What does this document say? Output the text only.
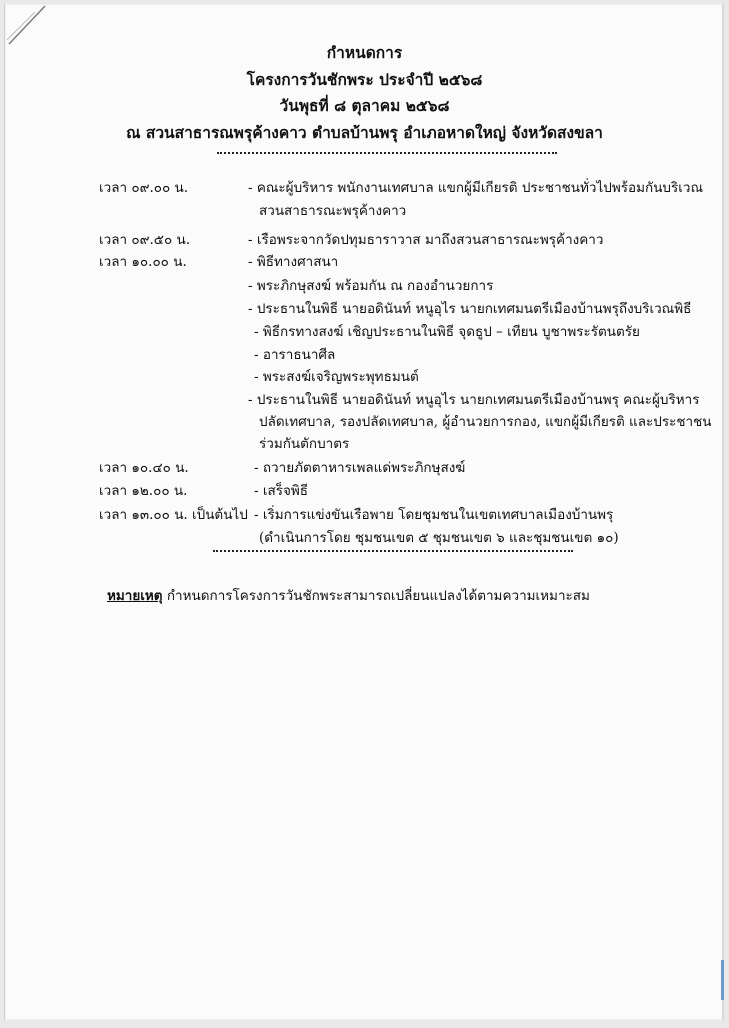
กำหนดการ
โครงการวันชักพระ ประจำปี ๒๕๖๘
วันพุธที่ ๘ ตุลาคม ๒๕๖๘
ณ สวนสาธารณพรุค้างคาว ตำบลบ้านพรุ อำเภอหาดใหญ่ จังหวัดสงขลา
เวลา ๐๙.๐๐ น.	- คณะผู้บริหาร พนักงานเทศบาล แขกผู้มีเกียรติ ประชาชนทั่วไปพร้อมกันบริเวณ
สวนสาธารณะพรุค้างคาว
เวลา ๐๙.๕๐ น.	- เรือพระจากวัดปทุมธาราวาส มาถึงสวนสาธารณะพรุค้างคาว
เวลา ๑๐.๐๐ น.	- พิธีทางศาสนา
- พระภิกษุสงฆ์ พร้อมกัน ณ กองอำนวยการ
- ประธานในพิธี นายอดินันท์ หนูอุไร นายกเทศมนตรีเมืองบ้านพรุถึงบริเวณพิธี
- พิธีกรทางสงฆ์ เชิญประธานในพิธี จุดธูป – เทียน บูชาพระรัตนตรัย
- อาราธนาศีล
- พระสงฆ์เจริญพระพุทธมนต์
- ประธานในพิธี นายอดินันท์ หนูอุไร นายกเทศมนตรีเมืองบ้านพรุ คณะผู้บริหาร
ปลัดเทศบาล, รองปลัดเทศบาล, ผู้อำนวยการกอง, แขกผู้มีเกียรติ และประชาชน
ร่วมกันตักบาตร
เวลา ๑๐.๔๐ น.	- ถวายภัตตาหารเพลแด่พระภิกษุสงฆ์
เวลา ๑๒.๐๐ น.	- เสร็จพิธี
เวลา ๑๓.๐๐ น. เป็นต้นไป - เริ่มการแข่งขันเรือพาย โดยชุมชนในเขตเทศบาลเมืองบ้านพรุ
(ดำเนินการโดย ชุมชนเขต ๕ ชุมชนเขต ๖ และชุมชนเขต ๑๐)
หมายเหตุ กำหนดการโครงการวันชักพระสามารถเปลี่ยนแปลงได้ตามความเหมาะสม
